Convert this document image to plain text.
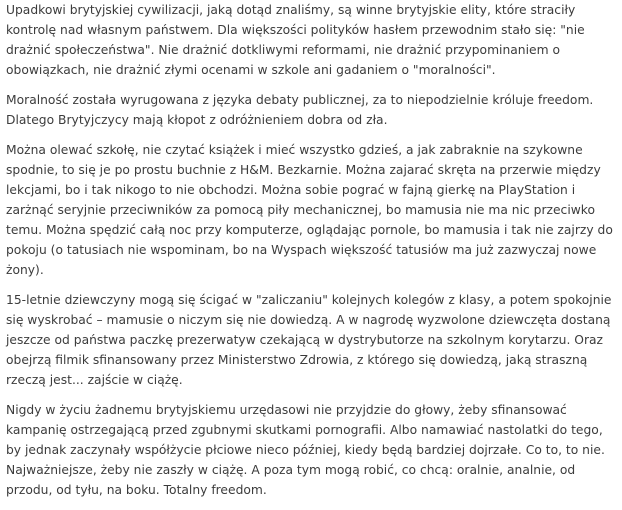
Upadkowi brytyjskiej cywilizacji, jaką dotąd znaliśmy, są winne brytyjskie elity, które straciły kontrolę nad własnym państwem. Dla większości polityków hasłem przewodnim stało się: "nie drażnić społeczeństwa". Nie drażnić dotkliwymi reformami, nie drażnić przypominaniem o obowiązkach, nie drażnić złymi ocenami w szkole ani gadaniem o "moralności".

Moralność została wyrugowana z języka debaty publicznej, za to niepodzielnie króluje freedom. Dlatego Brytyjczycy mają kłopot z odróżnieniem dobra od zła.

Można olewać szkołę, nie czytać książek i mieć wszystko gdzieś, a jak zabraknie na szykowne spodnie, to się je po prostu buchnie z H&M. Bezkarnie. Można zajarać skręta na przerwie między lekcjami, bo i tak nikogo to nie obchodzi. Można sobie pograć w fajną gierkę na PlayStation i zarżnąć seryjnie przeciwników za pomocą piły mechanicznej, bo mamusia nie ma nic przeciwko temu. Można spędzić całą noc przy komputerze, oglądając pornole, bo mamusia i tak nie zajrzy do pokoju (o tatusiach nie wspominam, bo na Wyspach większość tatusiów ma już zazwyczaj nowe żony).

15-letnie dziewczyny mogą się ścigać w "zaliczaniu" kolejnych kolegów z klasy, a potem spokojnie się wyskrobać – mamusie o niczym się nie dowiedzą. A w nagrodę wyzwolone dziewczęta dostaną jeszcze od państwa paczkę prezerwatyw czekającą w dystrybutorze na szkolnym korytarzu. Oraz obejrzą filmik sfinansowany przez Ministerstwo Zdrowia, z którego się dowiedzą, jaką straszną rzeczą jest... zajście w ciążę.

Nigdy w życiu żadnemu brytyjskiemu urzędasowi nie przyjdzie do głowy, żeby sfinansować kampanię ostrzegającą przed zgubnymi skutkami pornografii. Albo namawiać nastolatki do tego, by jednak zaczynały współżycie płciowe nieco później, kiedy będą bardziej dojrzałe. Co to, to nie. Najważniejsze, żeby nie zaszły w ciążę. A poza tym mogą robić, co chcą: oralnie, analnie, od przodu, od tyłu, na boku. Totalny freedom.
